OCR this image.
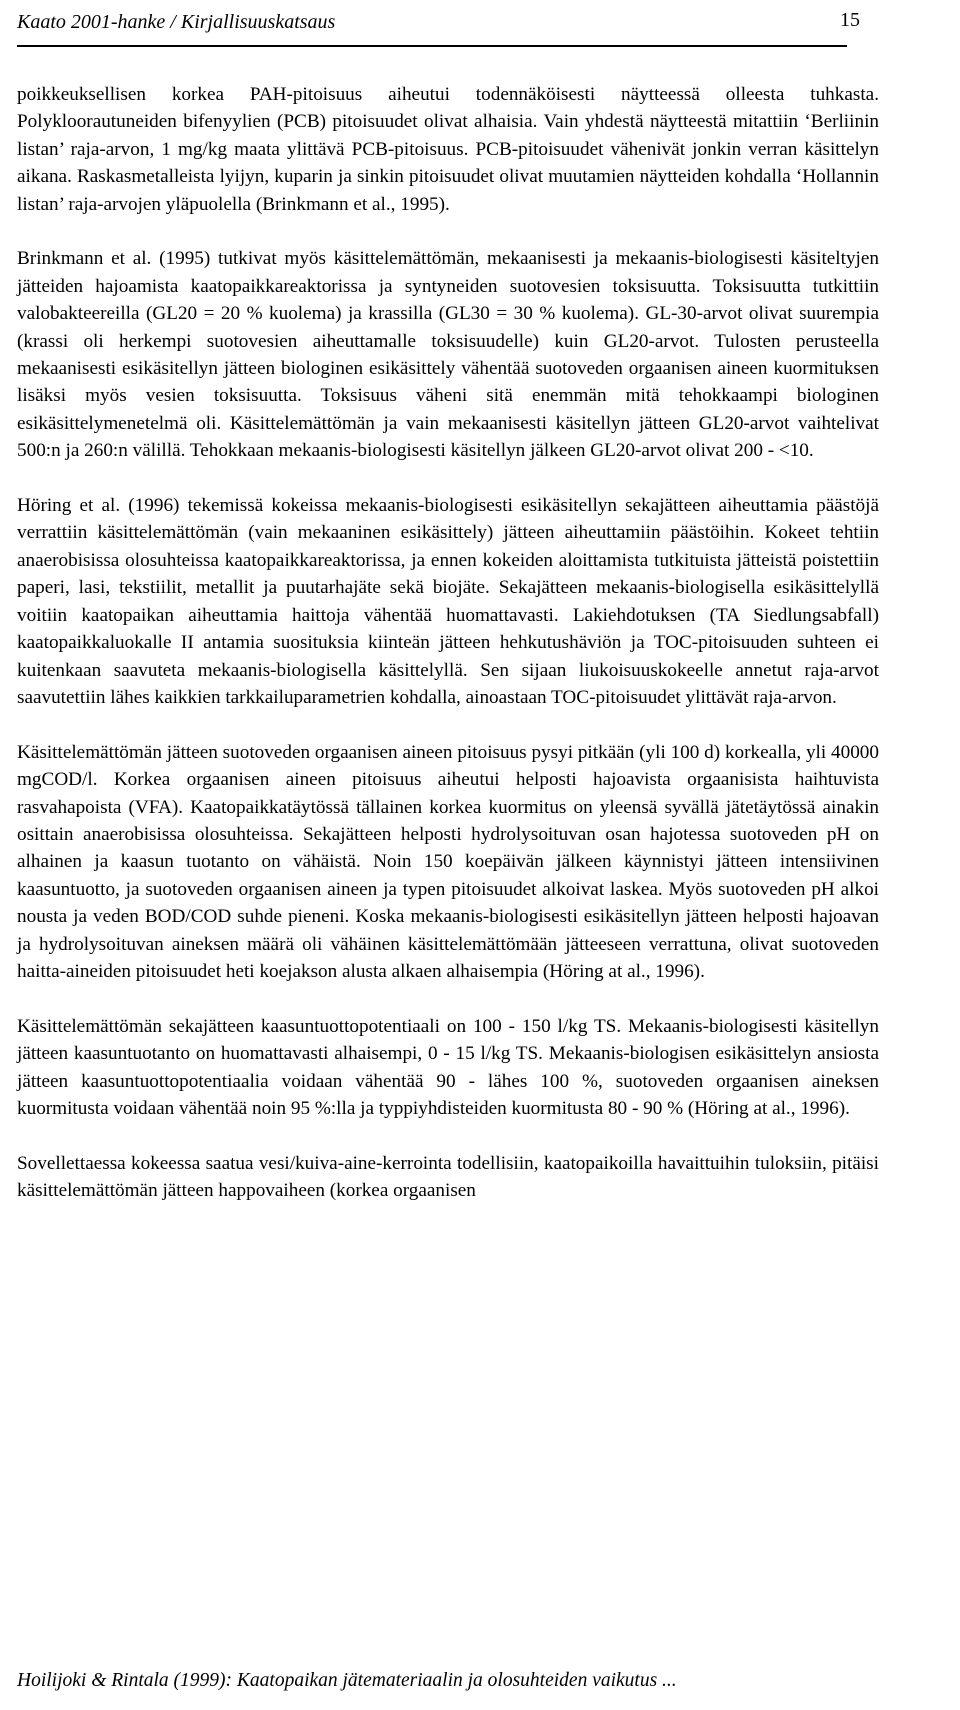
Kaato 2001-hanke / Kirjallisuuskatsaus	15

poikkeuksellisen korkea PAH-pitoisuus aiheutui todennäköisesti näytteessä olleesta tuhkasta. Polykloorautuneiden bifenyylien (PCB) pitoisuudet olivat alhaisia. Vain yhdestä näytteestä mitattiin ‘Berliinin listan’ raja-arvon, 1 mg/kg maata ylittävä PCB-pitoisuus. PCB-pitoisuudet vähenivät jonkin verran käsittelyn aikana. Raskasmetalleista lyijyn, kuparin ja sinkin pitoisuudet olivat muutamien näytteiden kohdalla ‘Hollannin listan’ raja-arvojen yläpuolella (Brinkmann et al., 1995).

Brinkmann et al. (1995) tutkivat myös käsittelemättömän, mekaanisesti ja mekaanis-biologisesti käsiteltyjen jätteiden hajoamista kaatopaikkareaktorissa ja syntyneiden suotovesien toksisuutta. Toksisuutta tutkittiin valobakteereilla (GL20 = 20 % kuolema) ja krassilla (GL30 = 30 % kuolema). GL-30-arvot olivat suurempia (krassi oli herkempi suotovesien aiheuttamalle toksisuudelle) kuin GL20-arvot. Tulosten perusteella mekaanisesti esikäsitellyn jätteen biologinen esikäsittely vähentää suotoveden orgaanisen aineen kuormituksen lisäksi myös vesien toksisuutta. Toksisuus väheni sitä enemmän mitä tehokkaampi biologinen esikäsittelymenetelmä oli. Käsittelemättömän ja vain mekaanisesti käsitellyn jätteen GL20-arvot vaihtelivat 500:n ja 260:n välillä. Tehokkaan mekaanis-biologisesti käsitellyn jälkeen GL20-arvot olivat 200 - <10.

Höring et al. (1996) tekemissä kokeissa mekaanis-biologisesti esikäsitellyn sekajätteen aiheuttamia päästöjä verrattiin käsittelemättömän (vain mekaaninen esikäsittely) jätteen aiheuttamiin päästöihin. Kokeet tehtiin anaerobisissa olosuhteissa kaatopaikkareaktorissa, ja ennen kokeiden aloittamista tutkituista jätteistä poistettiin paperi, lasi, tekstiilit, metallit ja puutarhajäte sekä biojäte. Sekajätteen mekaanis-biologisella esikäsittelyllä voitiin kaatopaikan aiheuttamia haittoja vähentää huomattavasti. Lakiehdotuksen (TA Siedlungsabfall) kaatopaikkaluokalle II antamia suosituksia kiinteän jätteen hehkutushäviön ja TOC-pitoisuuden suhteen ei kuitenkaan saavuteta mekaanis-biologisella käsittelyllä. Sen sijaan liukoisuuskokeelle annetut raja-arvot saavutettiin lähes kaikkien tarkkailuparametrien kohdalla, ainoastaan TOC-pitoisuudet ylittävät raja-arvon.

Käsittelemättömän jätteen suotoveden orgaanisen aineen pitoisuus pysyi pitkään (yli 100 d) korkealla, yli 40000 mgCOD/l. Korkea orgaanisen aineen pitoisuus aiheutui helposti hajoavista orgaanisista haihtuvista rasvahapoista (VFA). Kaatopaikkatäytössä tällainen korkea kuormitus on yleensä syvällä jätetäytössä ainakin osittain anaerobisissa olosuhteissa. Sekajätteen helposti hydrolysoituvan osan hajotessa suotoveden pH on alhainen ja kaasun tuotanto on vähäistä. Noin 150 koepäivän jälkeen käynnistyi jätteen intensiivinen kaasuntuotto, ja suotoveden orgaanisen aineen ja typen pitoisuudet alkoivat laskea. Myös suotoveden pH alkoi nousta ja veden BOD/COD suhde pieneni. Koska mekaanis-biologisesti esikäsitellyn jätteen helposti hajoavan ja hydrolysoituvan aineksen määrä oli vähäinen käsittelemättömään jätteeseen verrattuna, olivat suotoveden haitta-aineiden pitoisuudet heti koejakson alusta alkaen alhaisempia (Höring at al., 1996).

Käsittelemättömän sekajätteen kaasuntuottopotentiaali on 100 - 150 l/kg TS. Mekaanis-biologisesti käsitellyn jätteen kaasuntuotanto on huomattavasti alhaisempi, 0 - 15 l/kg TS. Mekaanis-biologisen esikäsittelyn ansiosta jätteen kaasuntuottopotentiaalia voidaan vähentää 90 - lähes 100 %, suotoveden orgaanisen aineksen kuormitusta voidaan vähentää noin 95 %:lla ja typpiyhdisteiden kuormitusta 80 - 90 % (Höring at al., 1996).

Sovellettaessa kokeessa saatua vesi/kuiva-aine-kerrointa todellisiin, kaatopaikoilla havaittuihin tuloksiin, pitäisi käsittelemättömän jätteen happovaiheen (korkea orgaanisen

Hoilijoki & Rintala (1999): Kaatopaikan jätemateriaalin ja olosuhteiden vaikutus ...
